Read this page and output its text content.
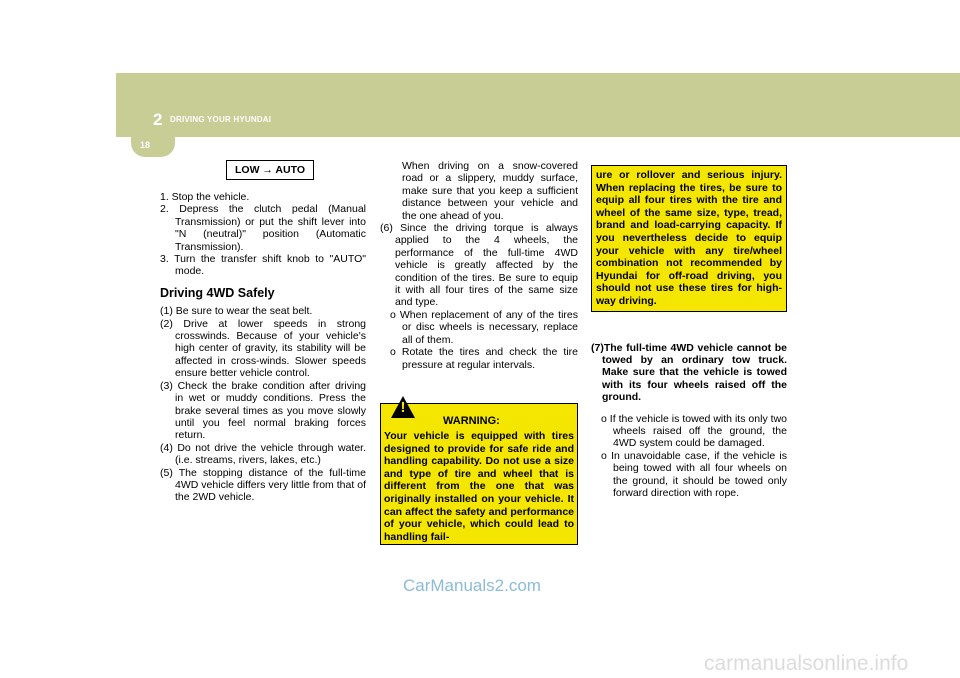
2 DRIVING YOUR HYUNDAI
18
LOW → AUTO
1. Stop the vehicle.
2. Depress the clutch pedal (Manual Transmission) or put the shift lever into "N (neutral)" position (Automatic Transmission).
3. Turn the transfer shift knob to "AUTO" mode.
Driving 4WD Safely
(1) Be sure to wear the seat belt.
(2) Drive at lower speeds in strong crosswinds. Because of your vehicle's high center of gravity, its stability will be affected in cross-winds. Slower speeds ensure better vehicle control.
(3) Check the brake condition after driving in wet or muddy conditions. Press the brake several times as you move slowly until you feel normal braking forces return.
(4) Do not drive the vehicle through water. (i.e. streams, rivers, lakes, etc.)
(5) The stopping distance of the full-time 4WD vehicle differs very little from that of the 2WD vehicle.
When driving on a snow-covered road or a slippery, muddy surface, make sure that you keep a sufficient distance between your vehicle and the one ahead of you.
(6) Since the driving torque is always applied to the 4 wheels, the performance of the full-time 4WD vehicle is greatly affected by the condition of the tires. Be sure to equip it with all four tires of the same size and type.
o When replacement of any of the tires or disc wheels is necessary, replace all of them.
o Rotate the tires and check the tire pressure at regular intervals.
!
WARNING:
Your vehicle is equipped with tires designed to provide for safe ride and handling capability. Do not use a size and type of tire and wheel that is different from the one that was originally installed on your vehicle. It can affect the safety and performance of your vehicle, which could lead to handling fail-
ure or rollover and serious injury. When replacing the tires, be sure to equip all four tires with the tire and wheel of the same size, type, tread, brand and load-carrying capacity. If you nevertheless decide to equip your vehicle with any tire/wheel combination not recommended by Hyundai for off-road driving, you should not use these tires for high-way driving.
(7)The full-time 4WD vehicle cannot be towed by an ordinary tow truck. Make sure that the vehicle is towed with its four wheels raised off the ground.
o If the vehicle is towed with its only two wheels raised off the ground, the 4WD system could be damaged.
o In unavoidable case, if the vehicle is being towed with all four wheels on the ground, it should be towed only forward direction with rope.
CarManuals2.com
carmanualsonline.info
